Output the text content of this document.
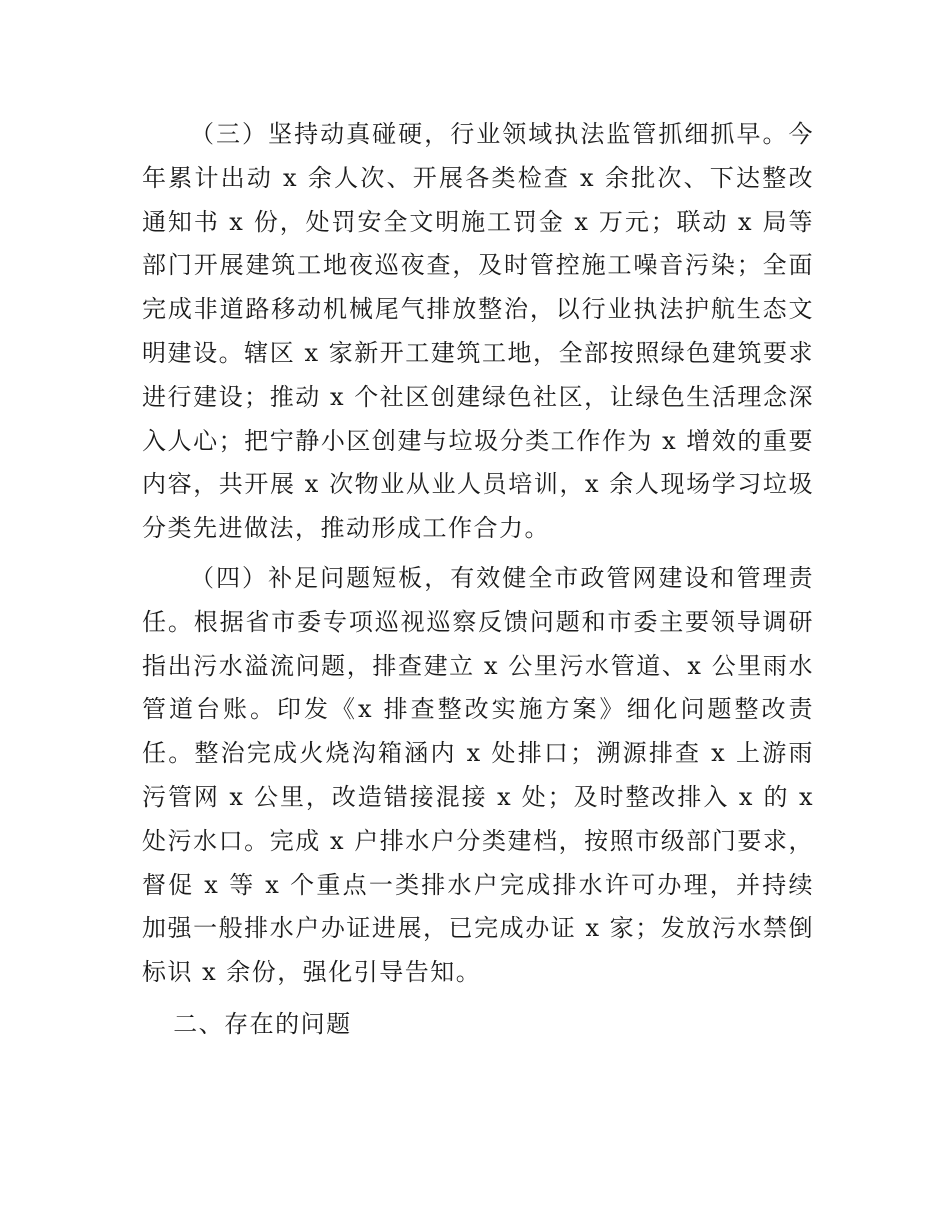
（三）坚持动真碰硬，行业领域执法监管抓细抓早。今年累计出动 x 余人次、开展各类检查 x 余批次、下达整改通知书 x 份，处罚安全文明施工罚金 x 万元；联动 x 局等部门开展建筑工地夜巡夜查，及时管控施工噪音污染；全面完成非道路移动机械尾气排放整治，以行业执法护航生态文明建设。辖区 x 家新开工建筑工地，全部按照绿色建筑要求进行建设；推动 x 个社区创建绿色社区，让绿色生活理念深入人心；把宁静小区创建与垃圾分类工作作为 x 增效的重要内容，共开展 x 次物业从业人员培训，x 余人现场学习垃圾分类先进做法，推动形成工作合力。

（四）补足问题短板，有效健全市政管网建设和管理责任。根据省市委专项巡视巡察反馈问题和市委主要领导调研指出污水溢流问题，排查建立 x 公里污水管道、x 公里雨水管道台账。印发《x 排查整改实施方案》细化问题整改责任。整治完成火烧沟箱涵内 x 处排口；溯源排查 x 上游雨污管网 x 公里，改造错接混接 x 处；及时整改排入 x 的 x 处污水口。完成 x 户排水户分类建档，按照市级部门要求，督促 x 等 x 个重点一类排水户完成排水许可办理，并持续加强一般排水户办证进展，已完成办证 x 家；发放污水禁倒标识 x 余份，强化引导告知。

二、存在的问题
